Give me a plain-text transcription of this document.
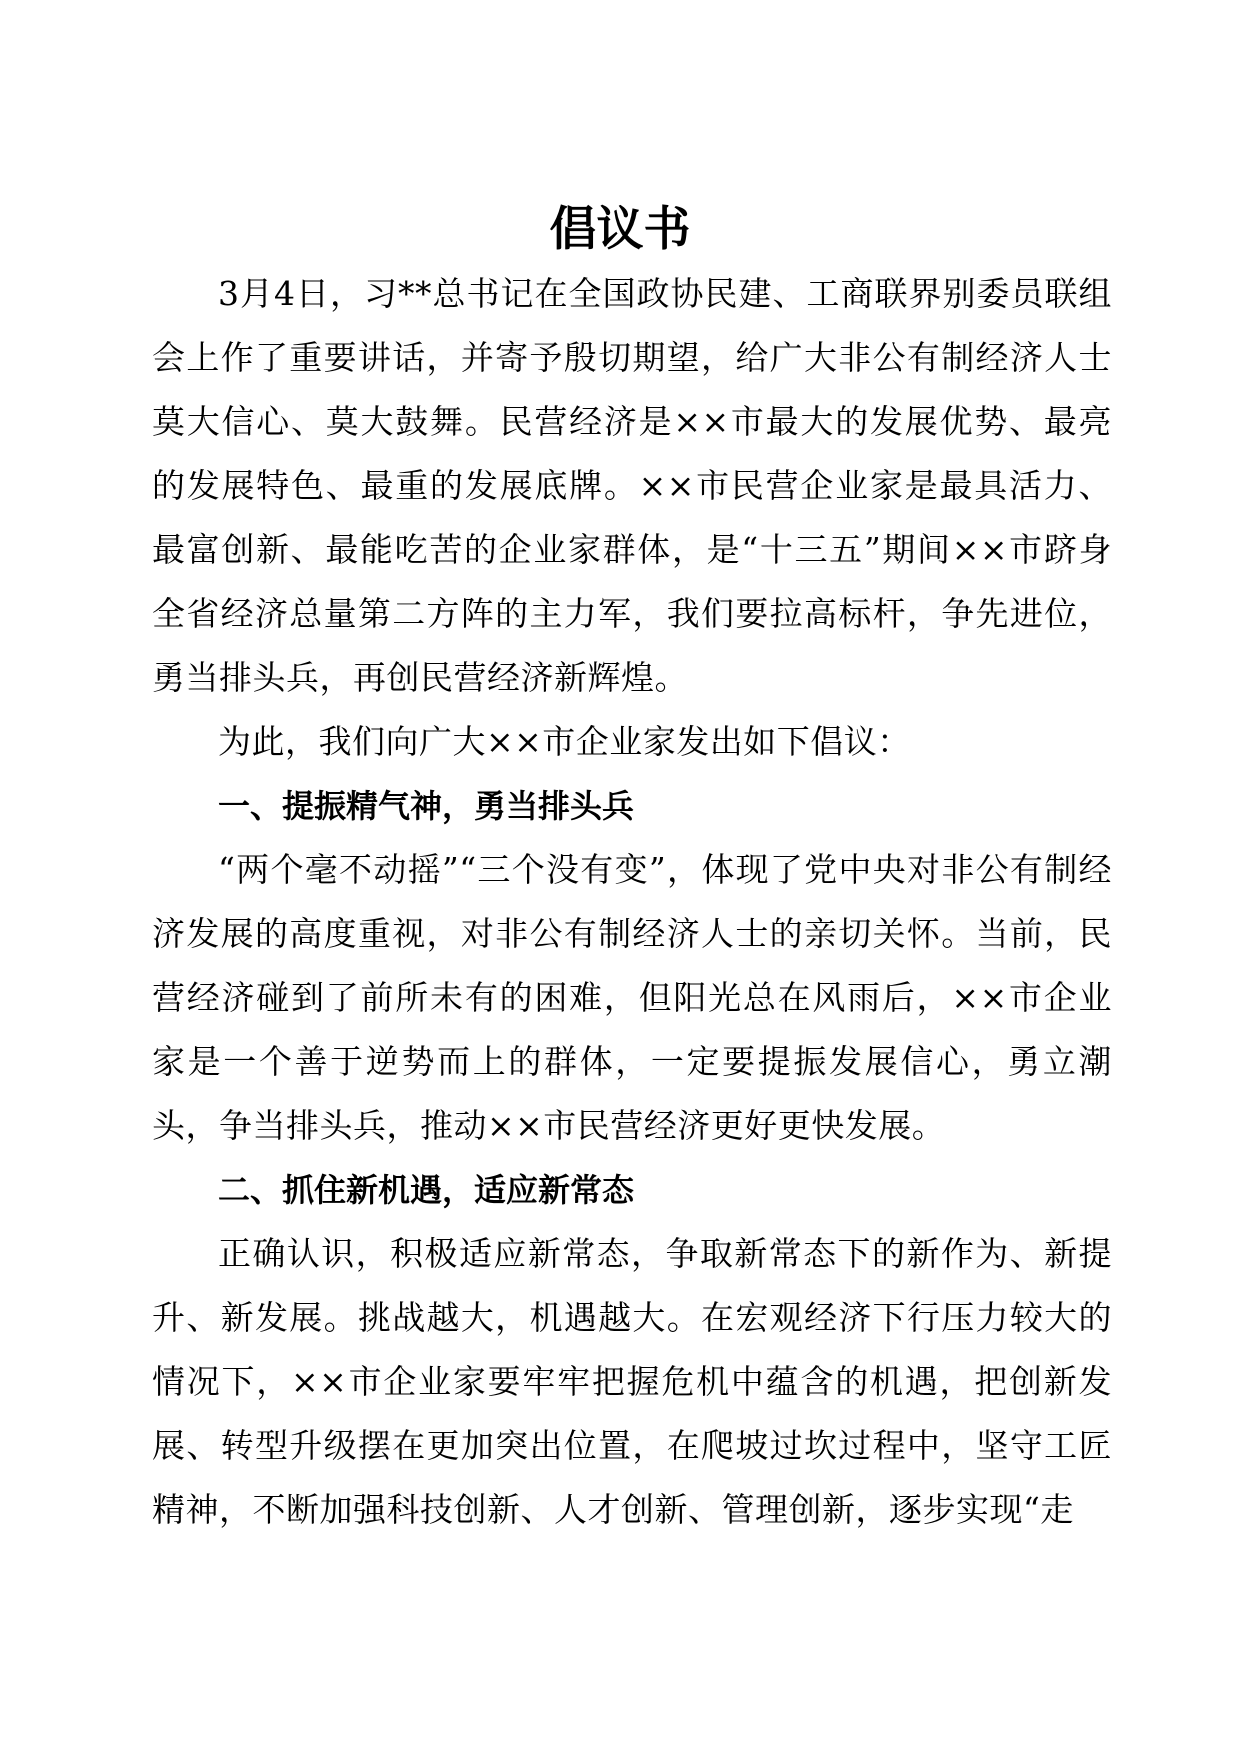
倡议书

3月4日，习**总书记在全国政协民建、工商联界别委员联组会上作了重要讲话，并寄予殷切期望，给广大非公有制经济人士莫大信心、莫大鼓舞。民营经济是××市最大的发展优势、最亮的发展特色、最重的发展底牌。××市民营企业家是最具活力、最富创新、最能吃苦的企业家群体，是“十三五”期间××市跻身全省经济总量第二方阵的主力军，我们要拉高标杆，争先进位，勇当排头兵，再创民营经济新辉煌。

为此，我们向广大××市企业家发出如下倡议：

一、提振精气神，勇当排头兵

“两个毫不动摇”“三个没有变”，体现了党中央对非公有制经济发展的高度重视，对非公有制经济人士的亲切关怀。当前，民营经济碰到了前所未有的困难，但阳光总在风雨后，××市企业家是一个善于逆势而上的群体，一定要提振发展信心，勇立潮头，争当排头兵，推动××市民营经济更好更快发展。

二、抓住新机遇，适应新常态

正确认识，积极适应新常态，争取新常态下的新作为、新提升、新发展。挑战越大，机遇越大。在宏观经济下行压力较大的情况下，××市企业家要牢牢把握危机中蕴含的机遇，把创新发展、转型升级摆在更加突出位置，在爬坡过坎过程中，坚守工匠精神，不断加强科技创新、人才创新、管理创新，逐步实现“走
